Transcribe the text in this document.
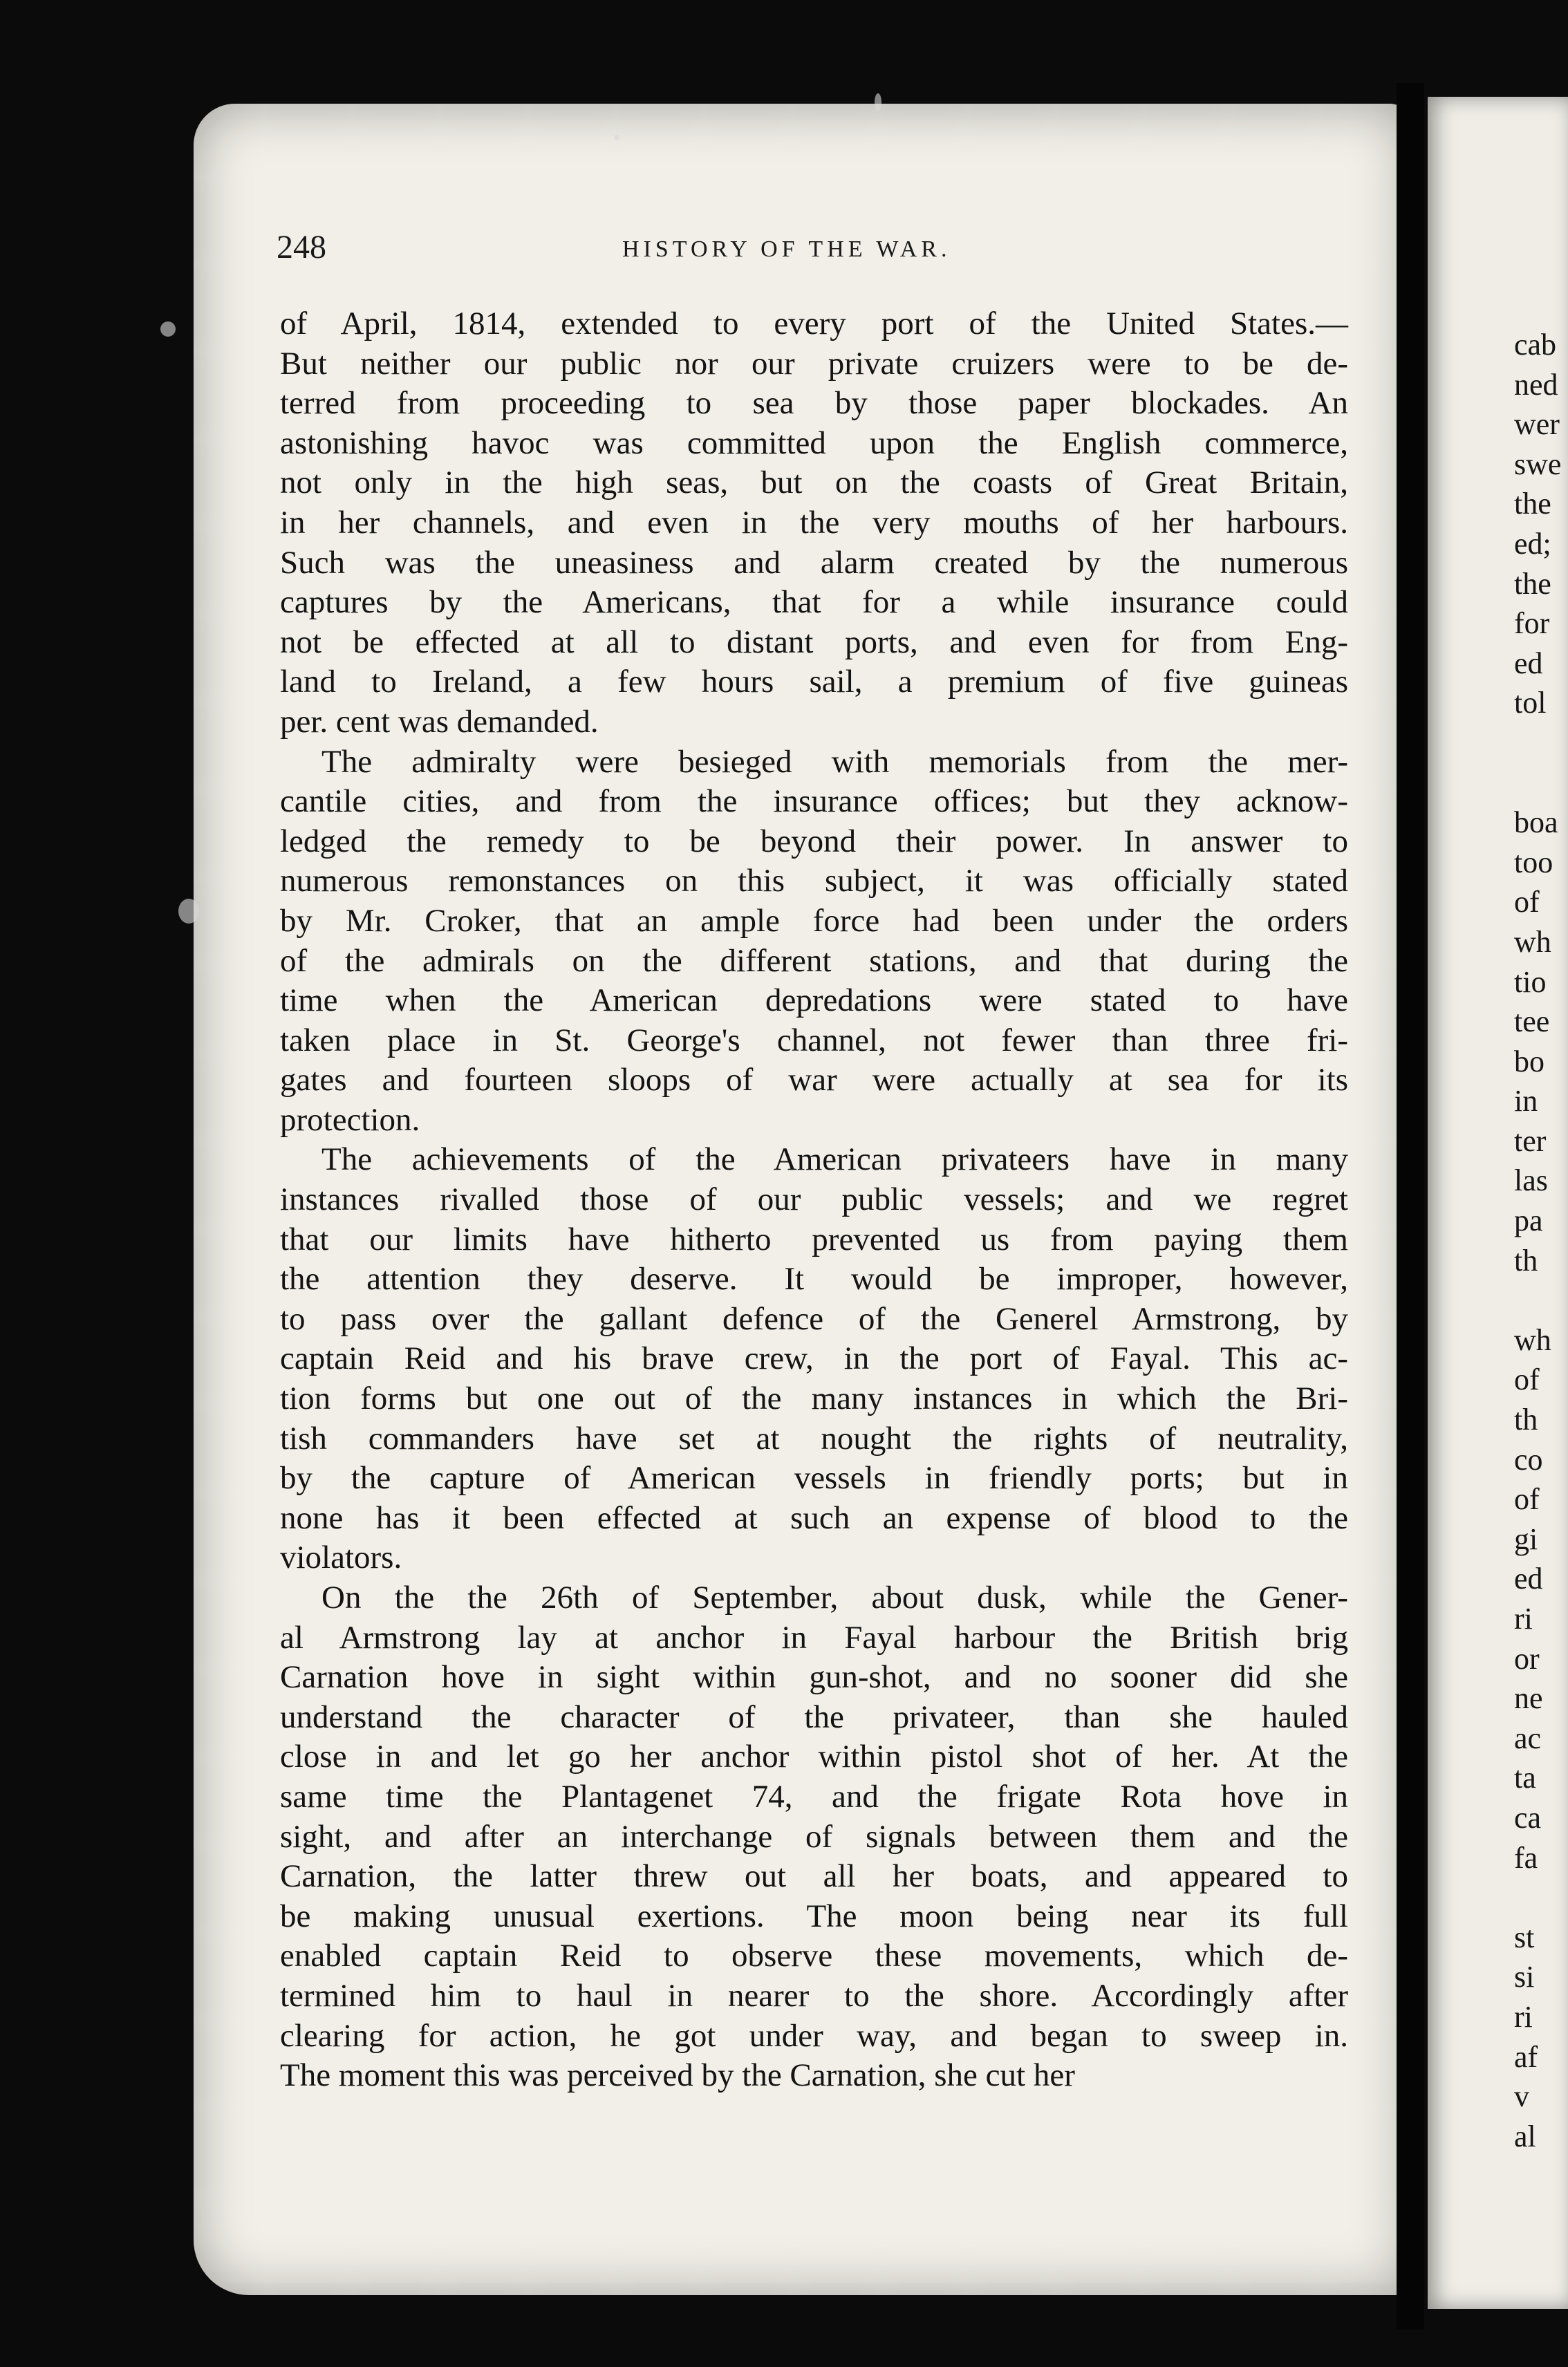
248	HISTORY OF THE WAR.

of April, 1814, extended to every port of the United States.—
But neither our public nor our private cruizers were to be de-
terred from proceeding to sea by those paper blockades. An
astonishing havoc was committed upon the English commerce,
not only in the high seas, but on the coasts of Great Britain,
in her channels, and even in the very mouths of her harbours.
Such was the uneasiness and alarm created by the numerous
captures by the Americans, that for a while insurance could
not be effected at all to distant ports, and even for from Eng-
land to Ireland, a few hours sail, a premium of five guineas
per. cent was demanded.

The admiralty were besieged with memorials from the mer-
cantile cities, and from the insurance offices; but they acknow-
ledged the remedy to be beyond their power. In answer to
numerous remonstances on this subject, it was officially stated
by Mr. Croker, that an ample force had been under the orders
of the admirals on the different stations, and that during the
time when the American depredations were stated to have
taken place in St. George's channel, not fewer than three fri-
gates and fourteen sloops of war were actually at sea for its
protection.

The achievements of the American privateers have in many
instances rivalled those of our public vessels; and we regret
that our limits have hitherto prevented us from paying them
the attention they deserve. It would be improper, however,
to pass over the gallant defence of the Generel Armstrong, by
captain Reid and his brave crew, in the port of Fayal. This ac-
tion forms but one out of the many instances in which the Bri-
tish commanders have set at nought the rights of neutrality,
by the capture of American vessels in friendly ports; but in
none has it been effected at such an expense of blood to the
violators.

On the the 26th of September, about dusk, while the Gener-
al Armstrong lay at anchor in Fayal harbour the British brig
Carnation hove in sight within gun-shot, and no sooner did she
understand the character of the privateer, than she hauled
close in and let go her anchor within pistol shot of her. At the
same time the Plantagenet 74, and the frigate Rota hove in
sight, and after an interchange of signals between them and the
Carnation, the latter threw out all her boats, and appeared to
be making unusual exertions. The moon being near its full
enabled captain Reid to observe these movements, which de-
termined him to haul in nearer to the shore. Accordingly after
clearing for action, he got under way, and began to sweep in.
The moment this was perceived by the Carnation, she cut her

cab
ned
wer
swe
the
ed;
the
for
ed
tol

boa
too
of
wh
tio
tee
bo
in
ter
las
pa
th

wh
of
th
co
of
gi
ed
ri
or
ne
ac
ta
ca
fa

st
si
ri
af
v
al
